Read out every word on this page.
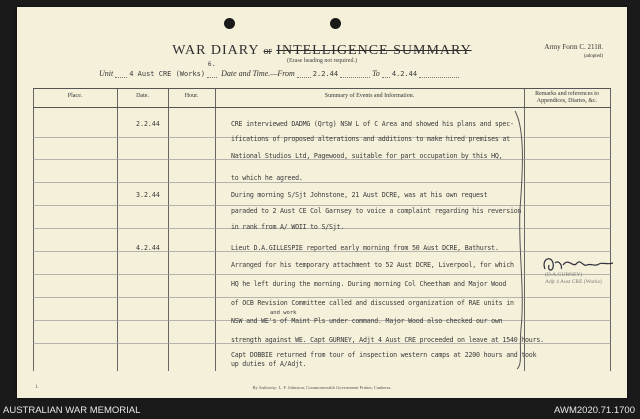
WAR DIARY or INTELLIGENCE SUMMARY
(Erase heading not required.)
Army Form C. 2118.
(adopted)
Unit 4 Aust CRE (Works)
6.
Date and Time.—From	2.2.44	To 4.2.44
Place.	Date.	Hour.	Summary of Events and Information.	Remarks and references to Appendices, Diaries, &c.
2.2.44	CRE interviewed DADMG (Qrtg) NSW L of C Area and showed his plans and spec-
ifications of proposed alterations and additions to make hired premises at
National Studios Ltd, Pagewood, suitable for part occupation by this HQ,
to which he agreed.
3.2.44	During morning S/Sjt Johnstone, 21 Aust DCRE, was at his own request
paraded to 2 Aust CE Col Garnsey to voice a complaint regarding his reversion
in rank from A/ WOII to S/Sjt.
4.2.44	Lieut D.A.GILLESPIE reported early morning from 50 Aust DCRE, Bathurst.
Arranged for his temporary attachment to 52 Aust DCRE, Liverpool, for which
HQ he left during the morning. During morning Col Cheetham and Major Wood
of OCB Revision Committee called and discussed organization of RAE units in
and work
NSW and WE's of Maint Pls under command. Major Wood also checked our own
strength against WE. Capt GURNEY, Adjt 4 Aust CRE proceeded on leave at 1540 hours.
Capt DOBBIE returned from tour of inspection western camps at 2200 hours and took
up duties of A/Adjt.
(D.A.GURNEY)
Adjt 4 Aust CRE (Works)
1.	By Authority: L. F. Johnston, Commonwealth Government Printer, Canberra.
AUSTRALIAN WAR MEMORIAL	AWM2020.71.1700
